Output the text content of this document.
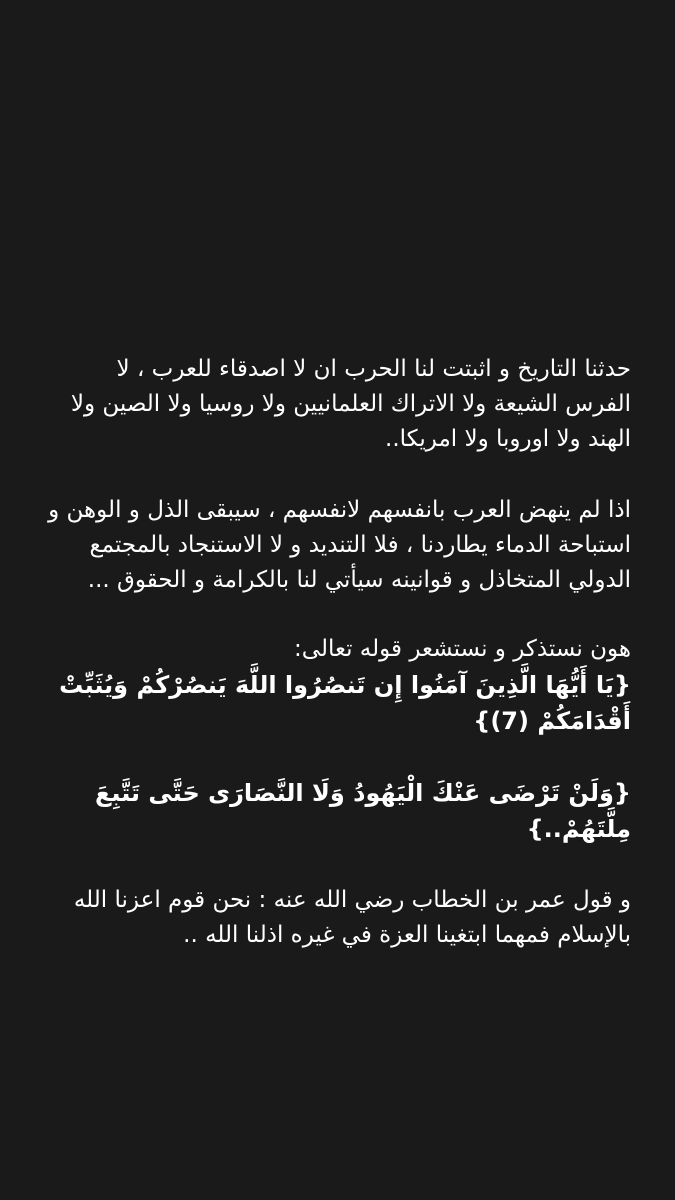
حدثنا التاريخ و اثبتت لنا الحرب ان لا اصدقاء للعرب ، لا الفرس الشيعة ولا الاتراك العلمانيين ولا روسيا ولا الصين ولا الهند ولا اوروبا ولا امريكا..

اذا لم ينهض العرب بانفسهم لانفسهم ، سيبقى الذل و الوهن و استباحة الدماء يطاردنا ، فلا التنديد و لا الاستنجاد بالمجتمع الدولي المتخاذل و قوانينه سيأتي لنا بالكرامة و الحقوق ...

هون نستذكر و نستشعر قوله تعالى:

{يَا أَيُّهَا الَّذِينَ آمَنُوا إِن تَنصُرُوا اللَّهَ يَنصُرْكُمْ وَيُثَبِّتْ أَقْدَامَكُمْ (7)}

{وَلَنْ تَرْضَى عَنْكَ الْيَهُودُ وَلَا النَّصَارَى حَتَّى تَتَّبِعَ مِلَّتَهُمْ..}

و قول عمر بن الخطاب رضي الله عنه : نحن قوم اعزنا الله بالإسلام فمهما ابتغينا العزة في غيره اذلنا الله ..
